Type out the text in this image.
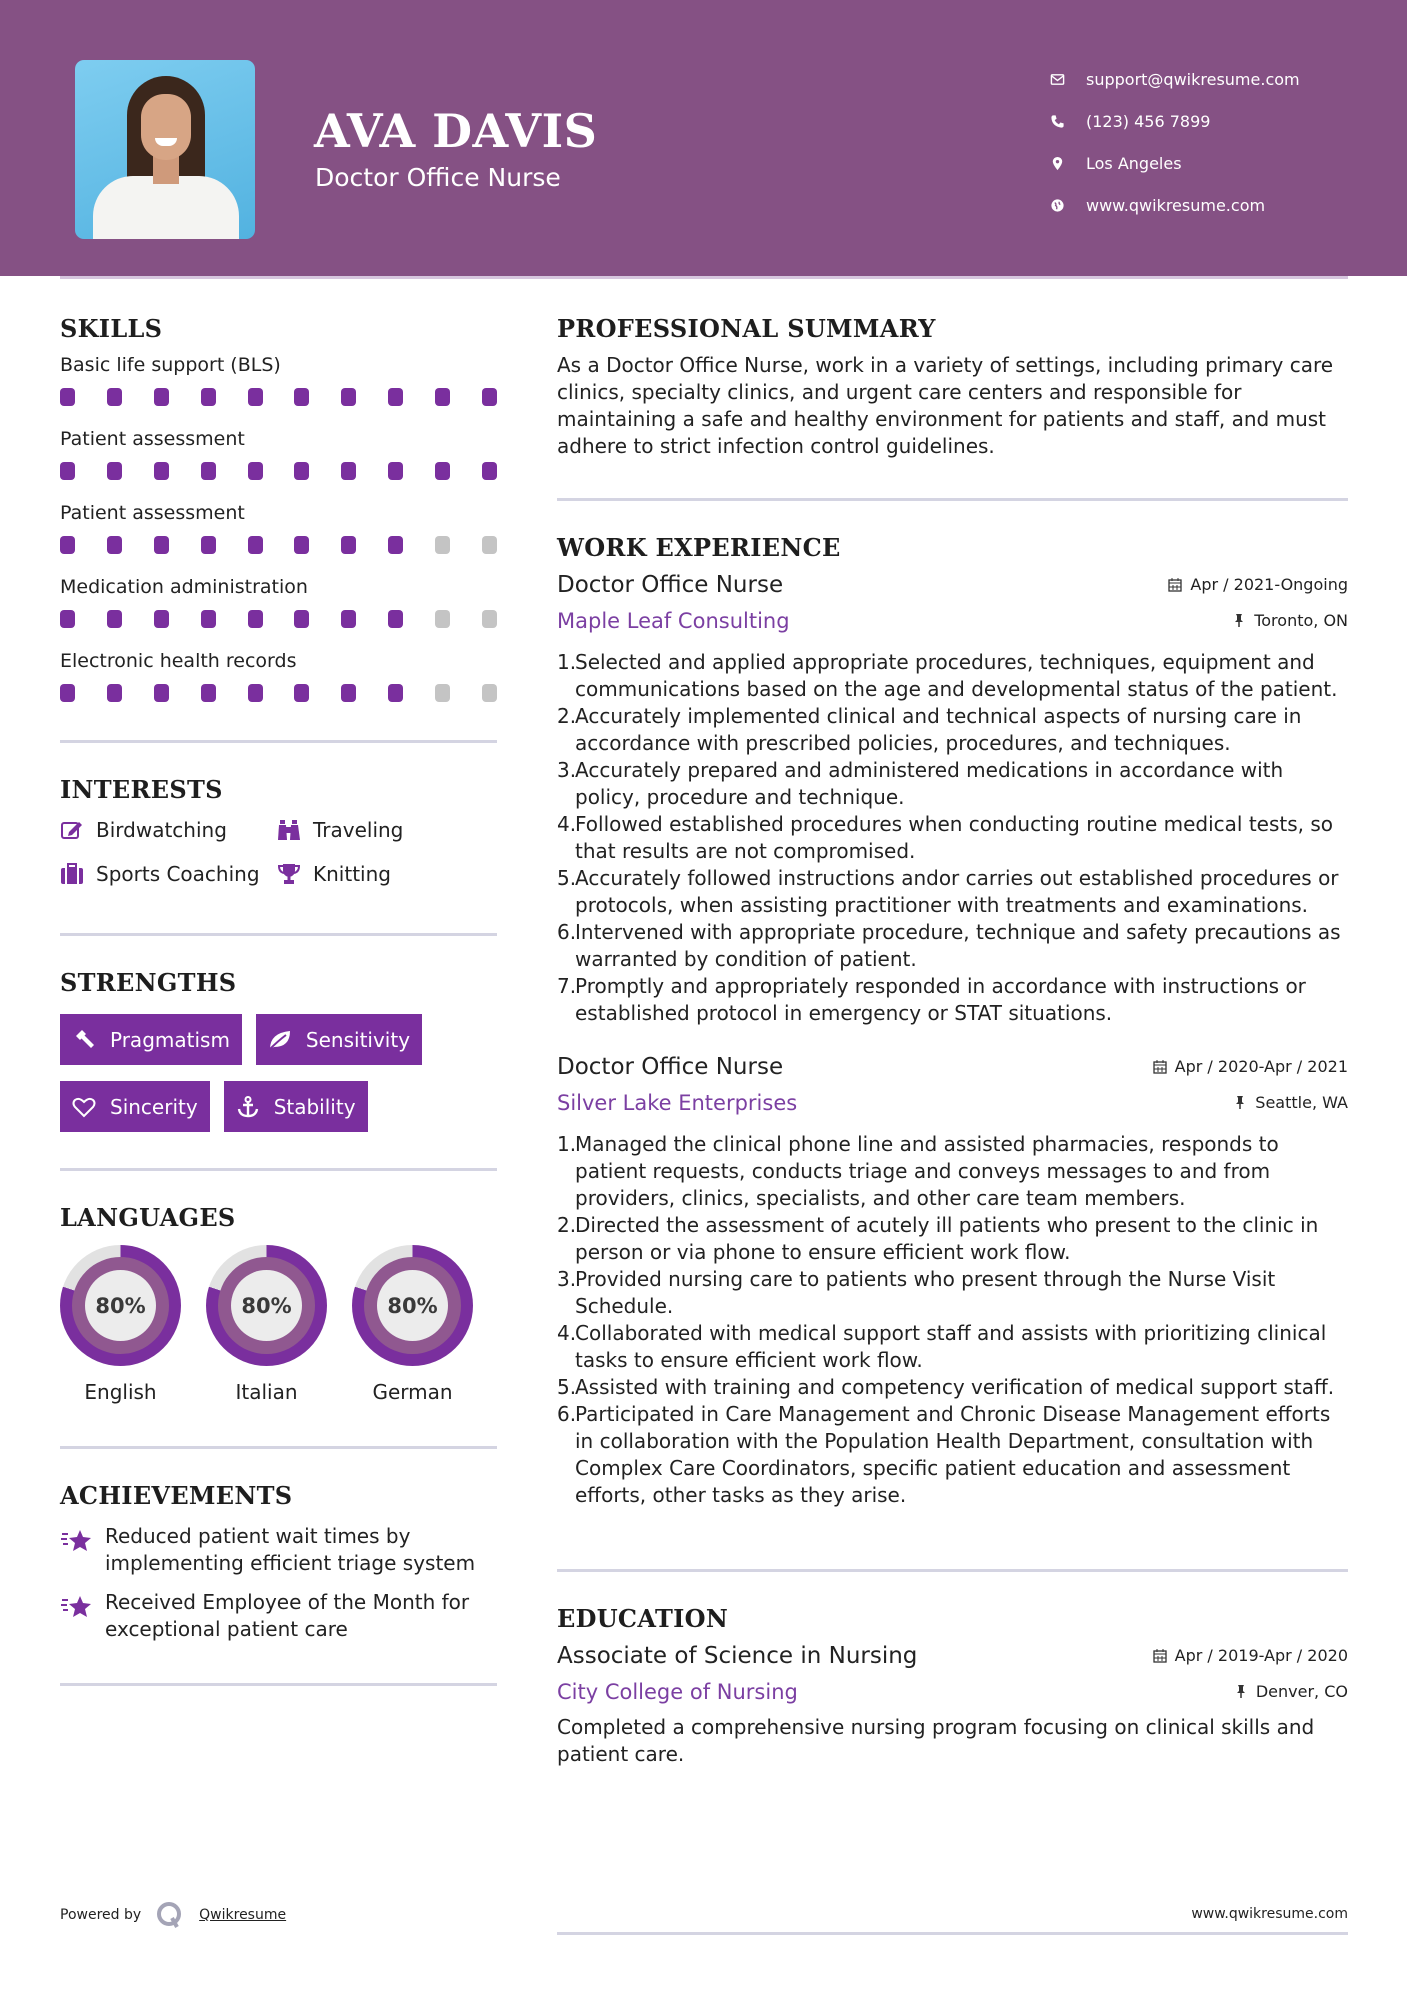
AVA DAVIS
Doctor Office Nurse
support@qwikresume.com
(123) 456 7899
Los Angeles
www.qwikresume.com
SKILLS
Basic life support (BLS)
Patient assessment
Patient assessment
Medication administration
Electronic health records
INTERESTS
Birdwatching	Traveling
Sports Coaching	Knitting
STRENGTHS
Pragmatism	Sensitivity
Sincerity	Stability
LANGUAGES
80%
English
80%
Italian
80%
German
ACHIEVEMENTS
Reduced patient wait times by implementing efficient triage system
Received Employee of the Month for exceptional patient care
Powered by	Qwikresume
PROFESSIONAL SUMMARY

As a Doctor Office Nurse, work in a variety of settings, including primary care clinics, specialty clinics, and urgent care centers and responsible for maintaining a safe and healthy environment for patients and staff, and must adhere to strict infection control guidelines.

WORK EXPERIENCE
Doctor Office Nurse	Apr / 2021-Ongoing
Maple Leaf Consulting	Toronto, ON
1.
Selected and applied appropriate procedures, techniques, equipment and communications based on the age and developmental status of the patient.
2.
Accurately implemented clinical and technical aspects of nursing care in accordance with prescribed policies, procedures, and techniques.
3.
Accurately prepared and administered medications in accordance with policy, procedure and technique.
4.
Followed established procedures when conducting routine medical tests, so that results are not compromised.
5.
Accurately followed instructions andor carries out established procedures or protocols, when assisting practitioner with treatments and examinations.
6.
Intervened with appropriate procedure, technique and safety precautions as warranted by condition of patient.
7.
Promptly and appropriately responded in accordance with instructions or established protocol in emergency or STAT situations.
Doctor Office Nurse	Apr / 2020-Apr / 2021
Silver Lake Enterprises	Seattle, WA
1.
Managed the clinical phone line and assisted pharmacies, responds to patient requests, conducts triage and conveys messages to and from providers, clinics, specialists, and other care team members.
2.
Directed the assessment of acutely ill patients who present to the clinic in person or via phone to ensure efficient work flow.
3.
Provided nursing care to patients who present through the Nurse Visit Schedule.
4.
Collaborated with medical support staff and assists with prioritizing clinical tasks to ensure efficient work flow.
5.
Assisted with training and competency verification of medical support staff.
6.
Participated in Care Management and Chronic Disease Management efforts in collaboration with the Population Health Department, consultation with Complex Care Coordinators, specific patient education and assessment efforts, other tasks as they arise.
EDUCATION
Associate of Science in Nursing	Apr / 2019-Apr / 2020
City College of Nursing	Denver, CO

Completed a comprehensive nursing program focusing on clinical skills and patient care.

www.qwikresume.com
